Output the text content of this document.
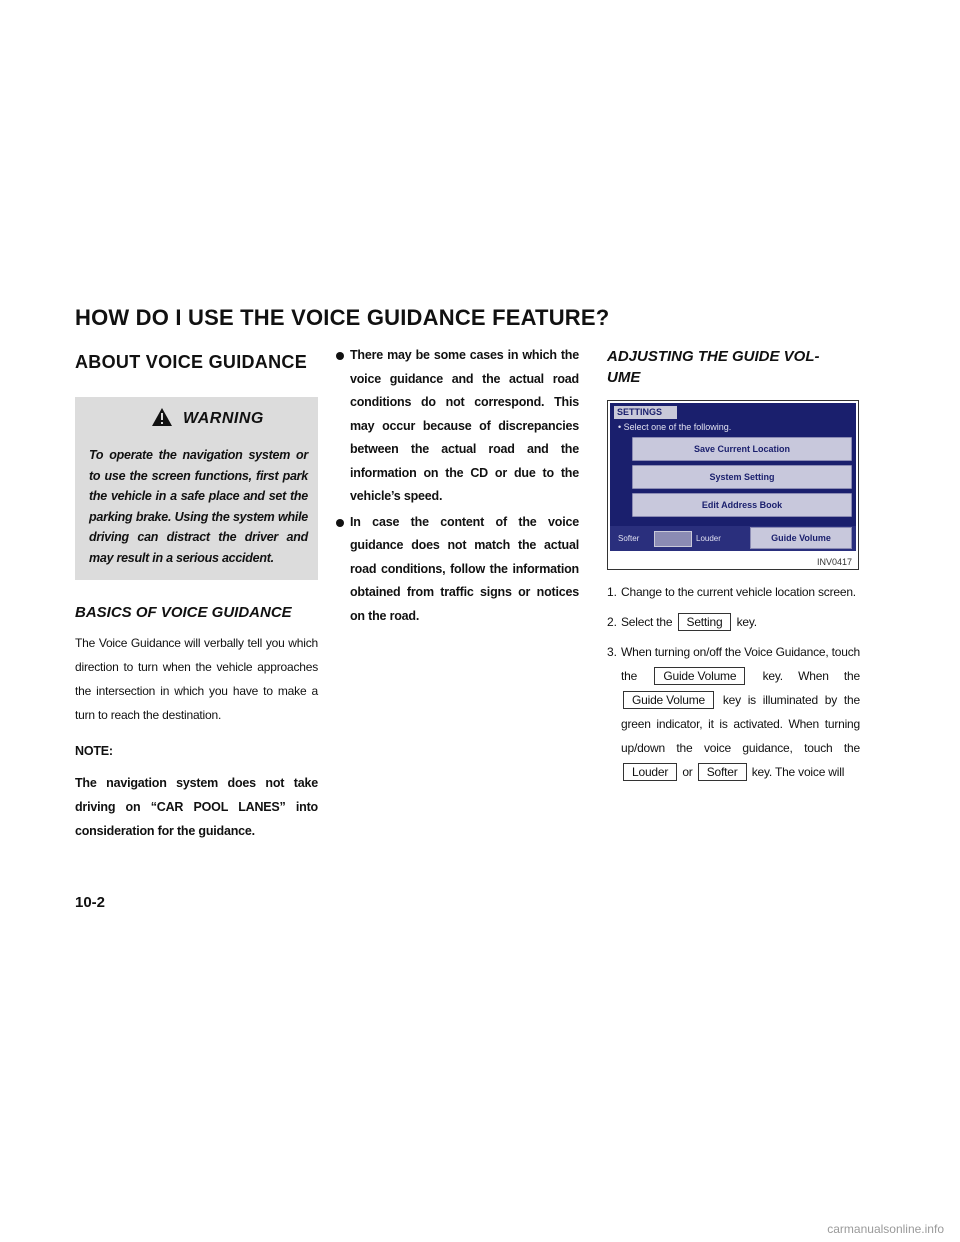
HOW DO I USE THE VOICE GUIDANCE FEATURE?
ABOUT VOICE GUIDANCE
WARNING

To operate the navigation system or to use the screen functions, first park the vehicle in a safe place and set the parking brake. Using the system while driving can distract the driver and may result in a serious accident.

BASICS OF VOICE GUIDANCE

The Voice Guidance will verbally tell you which direction to turn when the vehicle approaches the intersection in which you have to make a turn to reach the destination.

NOTE:

The navigation system does not take driving on “CAR POOL LANES” into consideration for the guidance.

There may be some cases in which the voice guidance and the actual road conditions do not correspond. This may occur because of discrepancies between the actual road and the information on the CD or due to the vehicle’s speed.
In case the content of the voice guidance does not match the actual road conditions, follow the information obtained from traffic signs or notices on the road.
ADJUSTING THE GUIDE VOL-
UME
SETTINGS
• Select one of the following.
Save Current Location
System Setting
Edit Address Book
Softer	Louder	Guide Volume
INV0417
1. Change to the current vehicle location screen.
2. Select the Setting key.
3. When turning on/off the Voice Guidance, touch the Guide Volume key. When the Guide Volume key is illuminated by the green indicator, it is activated. When turning up/down the voice guidance, touch the Louder or Softer key. The voice will
10-2
carmanualsonline.info
